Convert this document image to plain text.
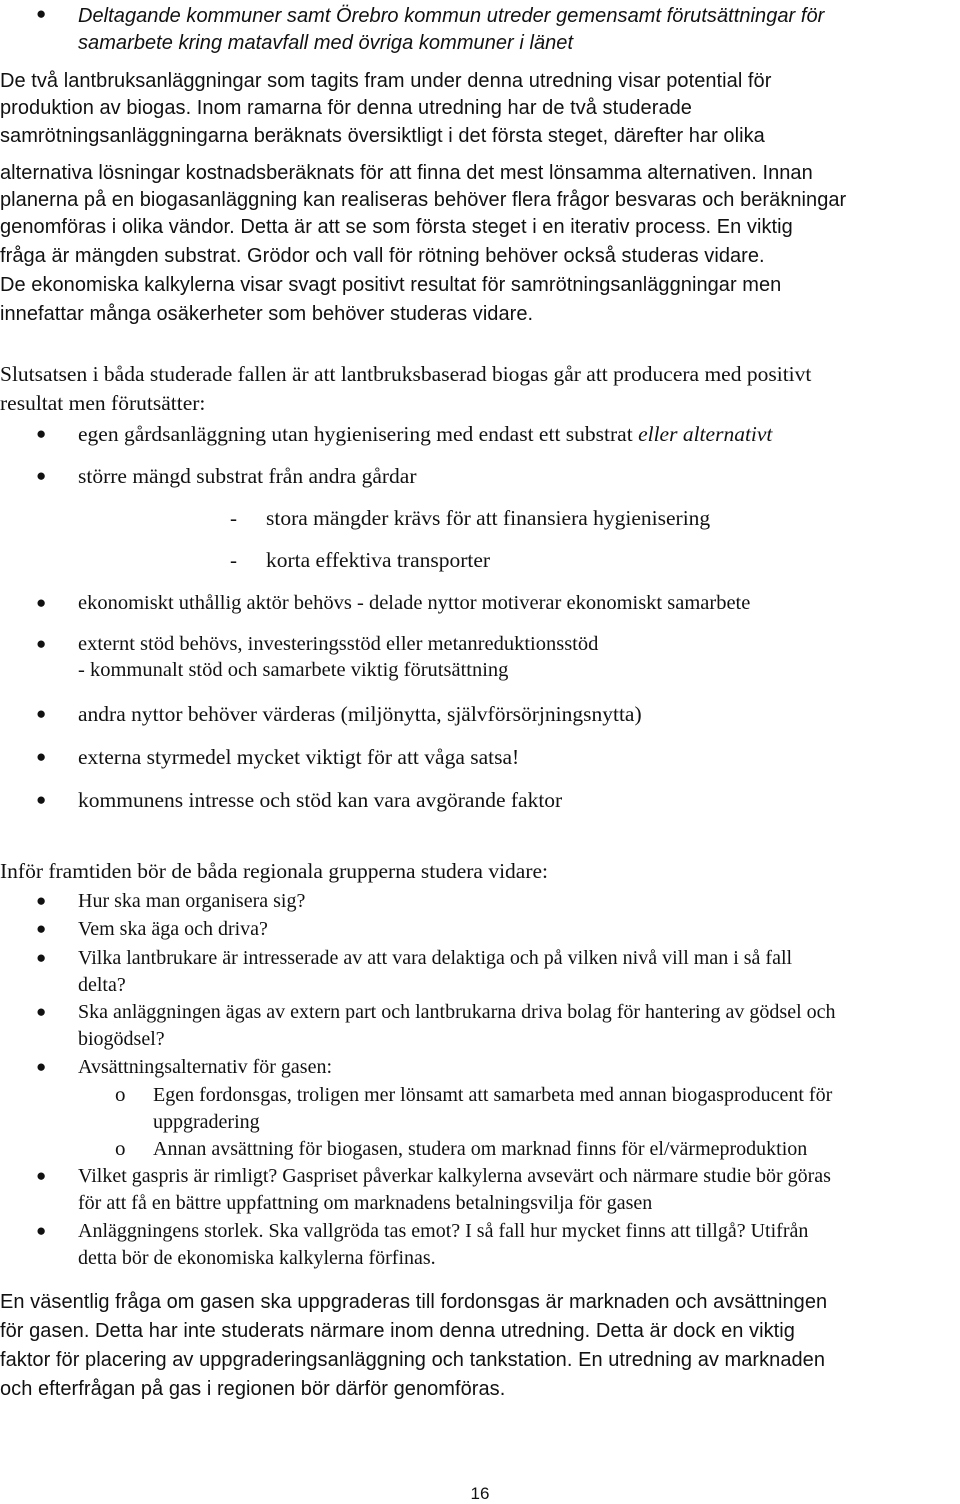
● Deltagande kommuner samt Örebro kommun utreder gemensamt förutsättningar för
samarbete kring matavfall med övriga kommuner i länet
De två lantbruksanläggningar som tagits fram under denna utredning visar potential för
produktion av biogas. Inom ramarna för denna utredning har de två studerade
samrötningsanläggningarna beräknats översiktligt i det första steget, därefter har olika
alternativa lösningar kostnadsberäknats för att finna det mest lönsamma alternativen. Innan
planerna på en biogasanläggning kan realiseras behöver flera frågor besvaras och beräkningar
genomföras i olika vändor. Detta är att se som första steget i en iterativ process. En viktig
fråga är mängden substrat. Grödor och vall för rötning behöver också studeras vidare.
De ekonomiska kalkylerna visar svagt positivt resultat för samrötningsanläggningar men
innefattar många osäkerheter som behöver studeras vidare.
Slutsatsen i båda studerade fallen är att lantbruksbaserad biogas går att producera med positivt
resultat men förutsätter:
● egen gårdsanläggning utan hygienisering med endast ett substrat eller alternativt
● större mängd substrat från andra gårdar
- stora mängder krävs för att finansiera hygienisering
- korta effektiva transporter
● ekonomiskt uthållig aktör behövs - delade nyttor motiverar ekonomiskt samarbete
● externt stöd behövs, investeringsstöd eller metanreduktionsstöd
- kommunalt stöd och samarbete viktig förutsättning
● andra nyttor behöver värderas (miljönytta, självförsörjningsnytta)
● externa styrmedel mycket viktigt för att våga satsa!
● kommunens intresse och stöd kan vara avgörande faktor
Inför framtiden bör de båda regionala grupperna studera vidare:
● Hur ska man organisera sig?
● Vem ska äga och driva?
● Vilka lantbrukare är intresserade av att vara delaktiga och på vilken nivå vill man i så fall
delta?
● Ska anläggningen ägas av extern part och lantbrukarna driva bolag för hantering av gödsel och
biogödsel?
● Avsättningsalternativ för gasen:
o Egen fordonsgas, troligen mer lönsamt att samarbeta med annan biogasproducent för
uppgradering
o Annan avsättning för biogasen, studera om marknad finns för el/värmeproduktion
● Vilket gaspris är rimligt? Gaspriset påverkar kalkylerna avsevärt och närmare studie bör göras
för att få en bättre uppfattning om marknadens betalningsvilja för gasen
● Anläggningens storlek. Ska vallgröda tas emot? I så fall hur mycket finns att tillgå? Utifrån
detta bör de ekonomiska kalkylerna förfinas.
En väsentlig fråga om gasen ska uppgraderas till fordonsgas är marknaden och avsättningen
för gasen. Detta har inte studerats närmare inom denna utredning. Detta är dock en viktig
faktor för placering av uppgraderingsanläggning och tankstation. En utredning av marknaden
och efterfrågan på gas i regionen bör därför genomföras.
16
